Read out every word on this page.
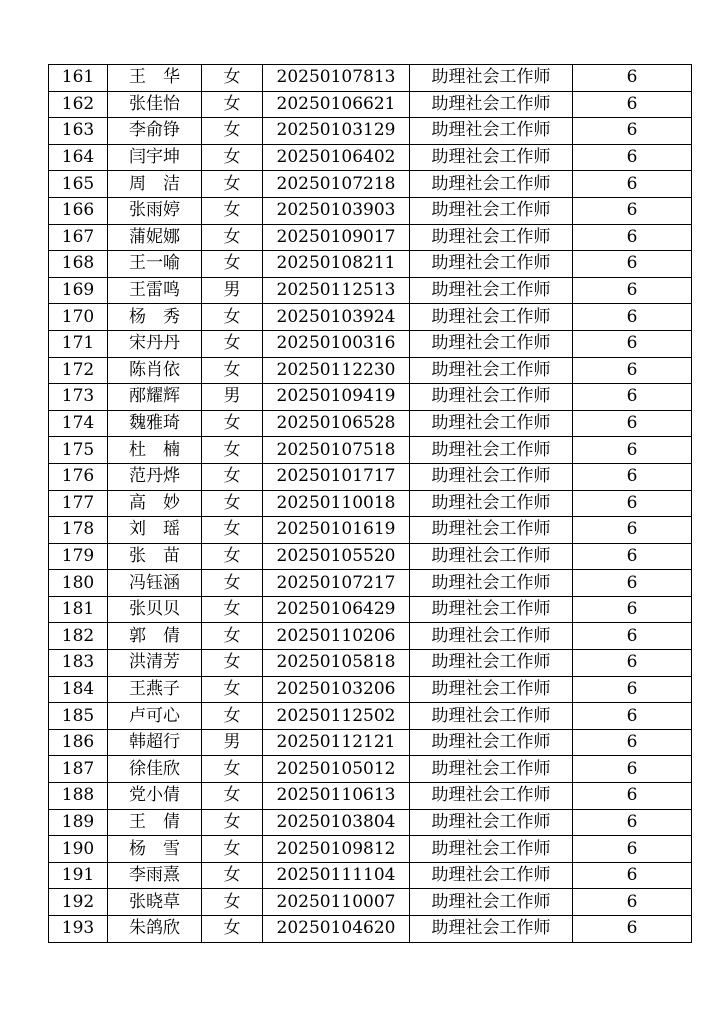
161	王　华	女	20250107813	助理社会工作师	6
162	张佳怡	女	20250106621	助理社会工作师	6
163	李俞铮	女	20250103129	助理社会工作师	6
164	闫宇坤	女	20250106402	助理社会工作师	6
165	周　洁	女	20250107218	助理社会工作师	6
166	张雨婷	女	20250103903	助理社会工作师	6
167	蒲妮娜	女	20250109017	助理社会工作师	6
168	王一喻	女	20250108211	助理社会工作师	6
169	王雷鸣	男	20250112513	助理社会工作师	6
170	杨　秀	女	20250103924	助理社会工作师	6
171	宋丹丹	女	20250100316	助理社会工作师	6
172	陈肖依	女	20250112230	助理社会工作师	6
173	邴耀辉	男	20250109419	助理社会工作师	6
174	魏雅琦	女	20250106528	助理社会工作师	6
175	杜　楠	女	20250107518	助理社会工作师	6
176	范丹烨	女	20250101717	助理社会工作师	6
177	高　妙	女	20250110018	助理社会工作师	6
178	刘　瑶	女	20250101619	助理社会工作师	6
179	张　苗	女	20250105520	助理社会工作师	6
180	冯钰涵	女	20250107217	助理社会工作师	6
181	张贝贝	女	20250106429	助理社会工作师	6
182	郭　倩	女	20250110206	助理社会工作师	6
183	洪清芳	女	20250105818	助理社会工作师	6
184	王燕子	女	20250103206	助理社会工作师	6
185	卢可心	女	20250112502	助理社会工作师	6
186	韩超行	男	20250112121	助理社会工作师	6
187	徐佳欣	女	20250105012	助理社会工作师	6
188	党小倩	女	20250110613	助理社会工作师	6
189	王　倩	女	20250103804	助理社会工作师	6
190	杨　雪	女	20250109812	助理社会工作师	6
191	李雨熹	女	20250111104	助理社会工作师	6
192	张晓草	女	20250110007	助理社会工作师	6
193	朱鸽欣	女	20250104620	助理社会工作师	6
